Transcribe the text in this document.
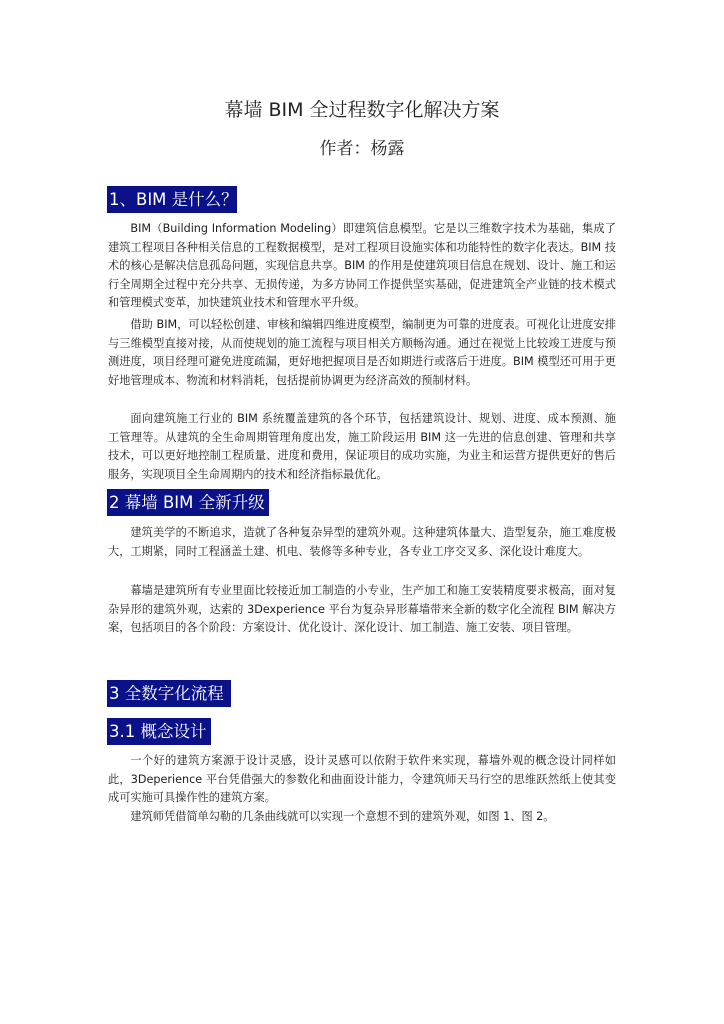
幕墙 BIM 全过程数字化解决方案
作者：杨露
1、BIM 是什么？

BIM（Building Information Modeling）即建筑信息模型。它是以三维数字技术为基础，集成了建筑工程项目各种相关信息的工程数据模型，是对工程项目设施实体和功能特性的数字化表达。BIM 技术的核心是解决信息孤岛问题，实现信息共享。BIM 的作用是使建筑项目信息在规划、设计、施工和运行全周期全过程中充分共享、无损传递，为多方协同工作提供坚实基础，促进建筑全产业链的技术模式和管理模式变革，加快建筑业技术和管理水平升级。

借助 BIM，可以轻松创建、审核和编辑四维进度模型，编制更为可靠的进度表。可视化让进度安排与三维模型直接对接，从而使规划的施工流程与项目相关方顺畅沟通。通过在视觉上比较竣工进度与预测进度，项目经理可避免进度疏漏，更好地把握项目是否如期进行或落后于进度。BIM 模型还可用于更好地管理成本、物流和材料消耗，包括提前协调更为经济高效的预制材料。

面向建筑施工行业的 BIM 系统覆盖建筑的各个环节，包括建筑设计、规划、进度、成本预测、施工管理等。从建筑的全生命周期管理角度出发，施工阶段运用 BIM 这一先进的信息创建、管理和共享技术，可以更好地控制工程质量、进度和费用，保证项目的成功实施，为业主和运营方提供更好的售后服务，实现项目全生命周期内的技术和经济指标最优化。

2 幕墙 BIM 全新升级

建筑美学的不断追求，造就了各种复杂异型的建筑外观。这种建筑体量大、造型复杂，施工难度极大，工期紧，同时工程涵盖土建、机电、装修等多种专业，各专业工序交叉多、深化设计难度大。

幕墙是建筑所有专业里面比较接近加工制造的小专业，生产加工和施工安装精度要求极高，面对复杂异形的建筑外观，达索的 3Dexperience 平台为复杂异形幕墙带来全新的数字化全流程 BIM 解决方案，包括项目的各个阶段：方案设计、优化设计、深化设计、加工制造、施工安装、项目管理。

3 全数字化流程
3.1 概念设计

一个好的建筑方案源于设计灵感，设计灵感可以依附于软件来实现，幕墙外观的概念设计同样如此，3Deperience 平台凭借强大的参数化和曲面设计能力，令建筑师天马行空的思维跃然纸上使其变成可实施可具操作性的建筑方案。

建筑师凭借简单勾勒的几条曲线就可以实现一个意想不到的建筑外观，如图 1、图 2。
